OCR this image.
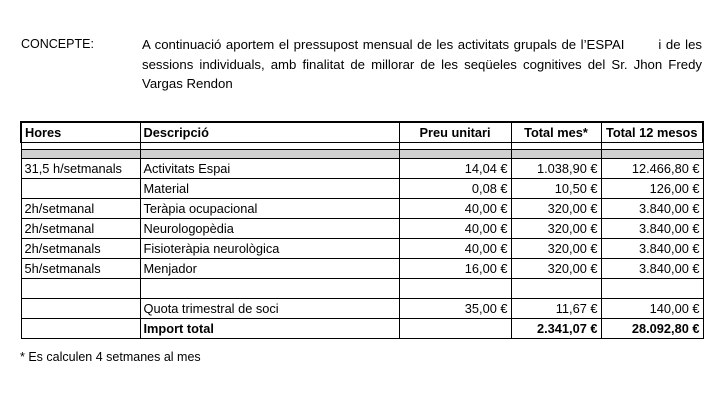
CONCEPTE:	A continuació aportem el pressupost mensual de les activitats grupals de l’ESPAI	i de les sessions individuals, amb finalitat de millorar de les seqüeles cognitives del Sr. Jhon Fredy Vargas Rendon
Hores	Descripció	Preu unitari	Total mes*	Total 12 mesos

31,5 h/setmanals	Activitats Espai	14,04 €	1.038,90 €	12.466,80 €
	Material	0,08 €	10,50 €	126,00 €
2h/setmanal	Teràpia ocupacional	40,00 €	320,00 €	3.840,00 €
2h/setmanal	Neurologopèdia	40,00 €	320,00 €	3.840,00 €
2h/setmanals	Fisioteràpia neurològica	40,00 €	320,00 €	3.840,00 €
5h/setmanals	Menjador	16,00 €	320,00 €	3.840,00 €

	Quota trimestral de soci	35,00 €	11,67 €	140,00 €
	Import total		2.341,07 €	28.092,80 €
* Es calculen 4 setmanes al mes
